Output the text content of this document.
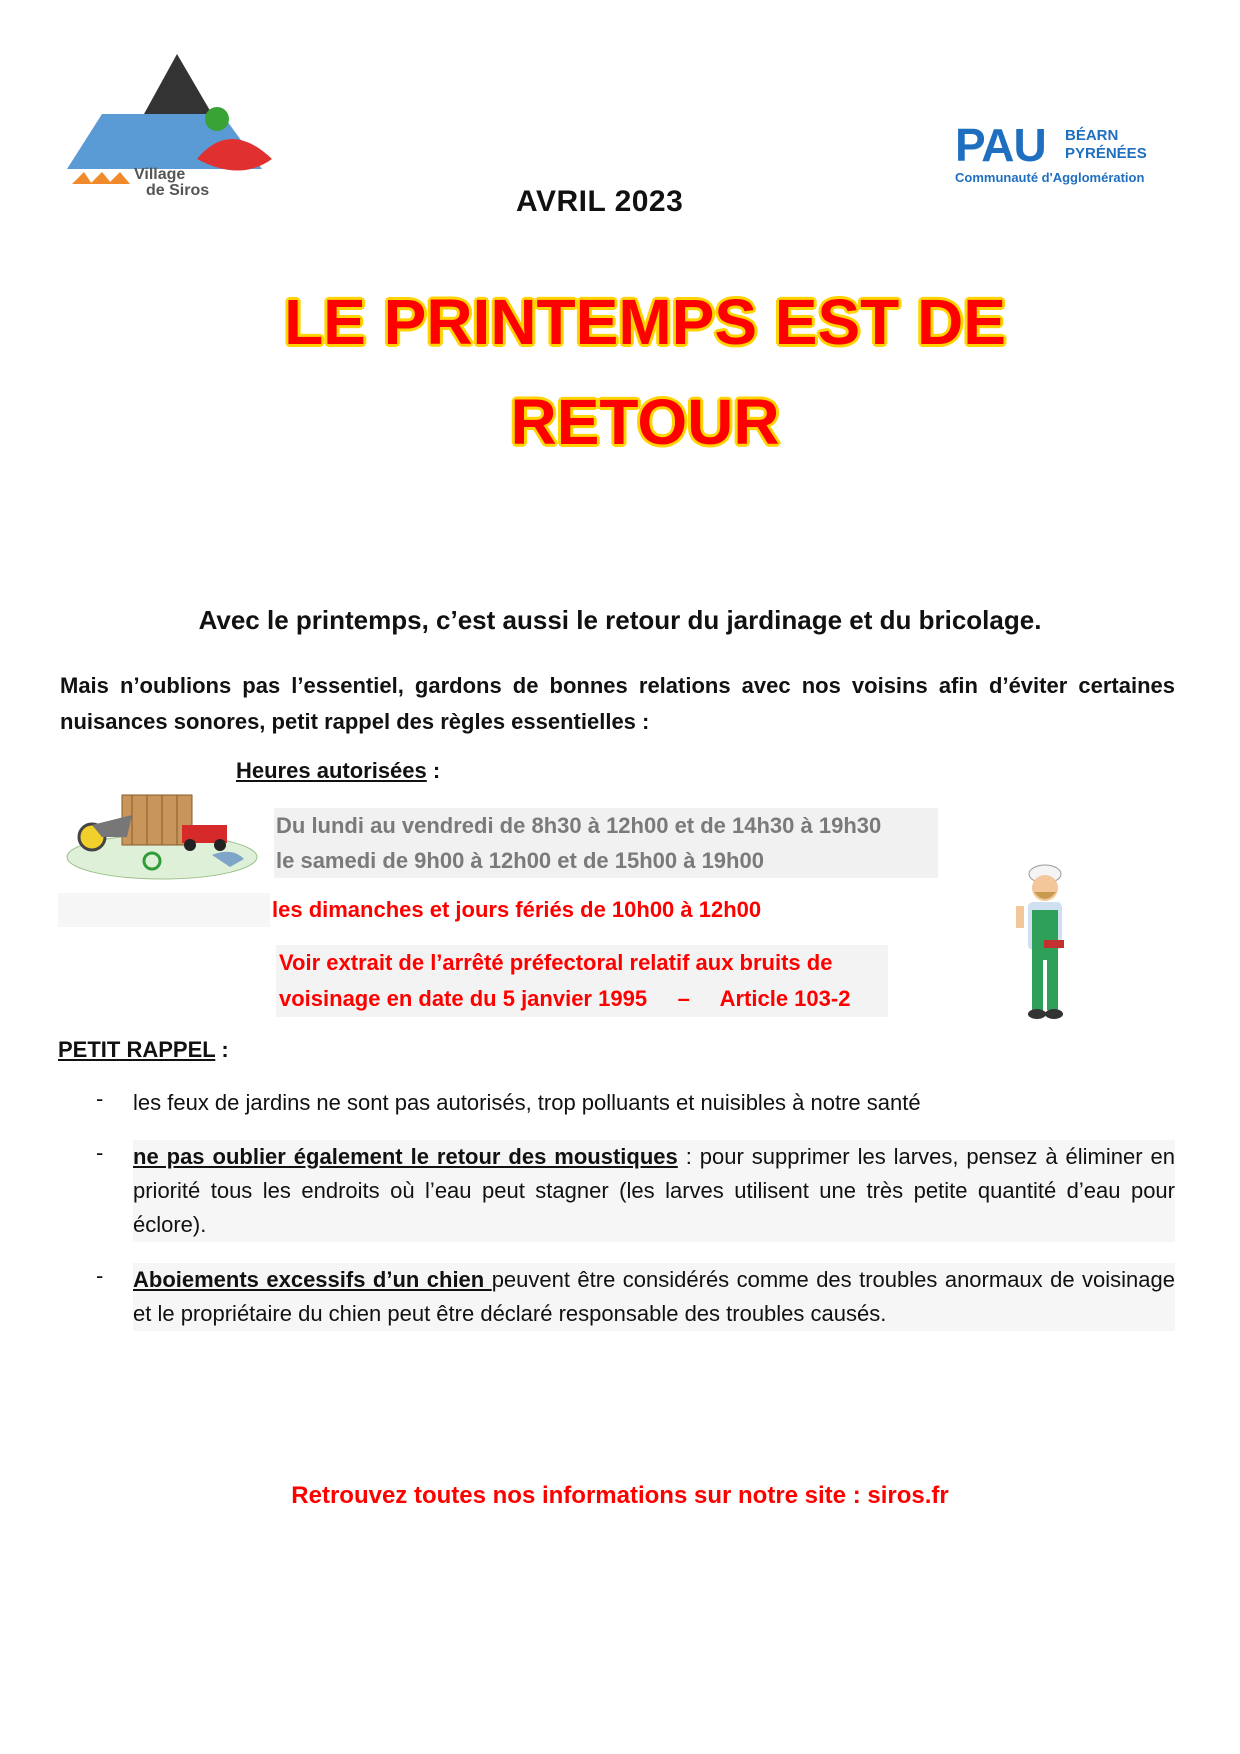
Village
de Siros
PAU BÉARN
PYRÉNÉES
Communauté d'Agglomération
AVRIL 2023
LE PRINTEMPS EST DE
RETOUR
Avec le printemps, c’est aussi le retour du jardinage et du bricolage.
Mais n’oublions pas l’essentiel, gardons de bonnes relations avec nos voisins afin d’éviter certaines nuisances sonores, petit rappel des règles essentielles :
Heures autorisées :
Du lundi au vendredi de 8h30 à 12h00 et de 14h30 à 19h30
le samedi de 9h00 à 12h00 et de 15h00 à 19h00
les dimanches et jours fériés de 10h00 à 12h00
Voir extrait de l’arrêté préfectoral relatif aux bruits de
voisinage en date du 5 janvier 1995     –     Article 103-2
PETIT RAPPEL :
- les feux de jardins ne sont pas autorisés, trop polluants et nuisibles à notre santé
- ne pas oublier également le retour des moustiques : pour supprimer les larves, pensez à éliminer en priorité tous les endroits où l’eau peut stagner (les larves utilisent une très petite quantité d’eau pour éclore).
- Aboiements excessifs d’un chien peuvent être considérés comme des troubles anormaux de voisinage et le propriétaire du chien peut être déclaré responsable des troubles causés.
Retrouvez toutes nos informations sur notre site : siros.fr
